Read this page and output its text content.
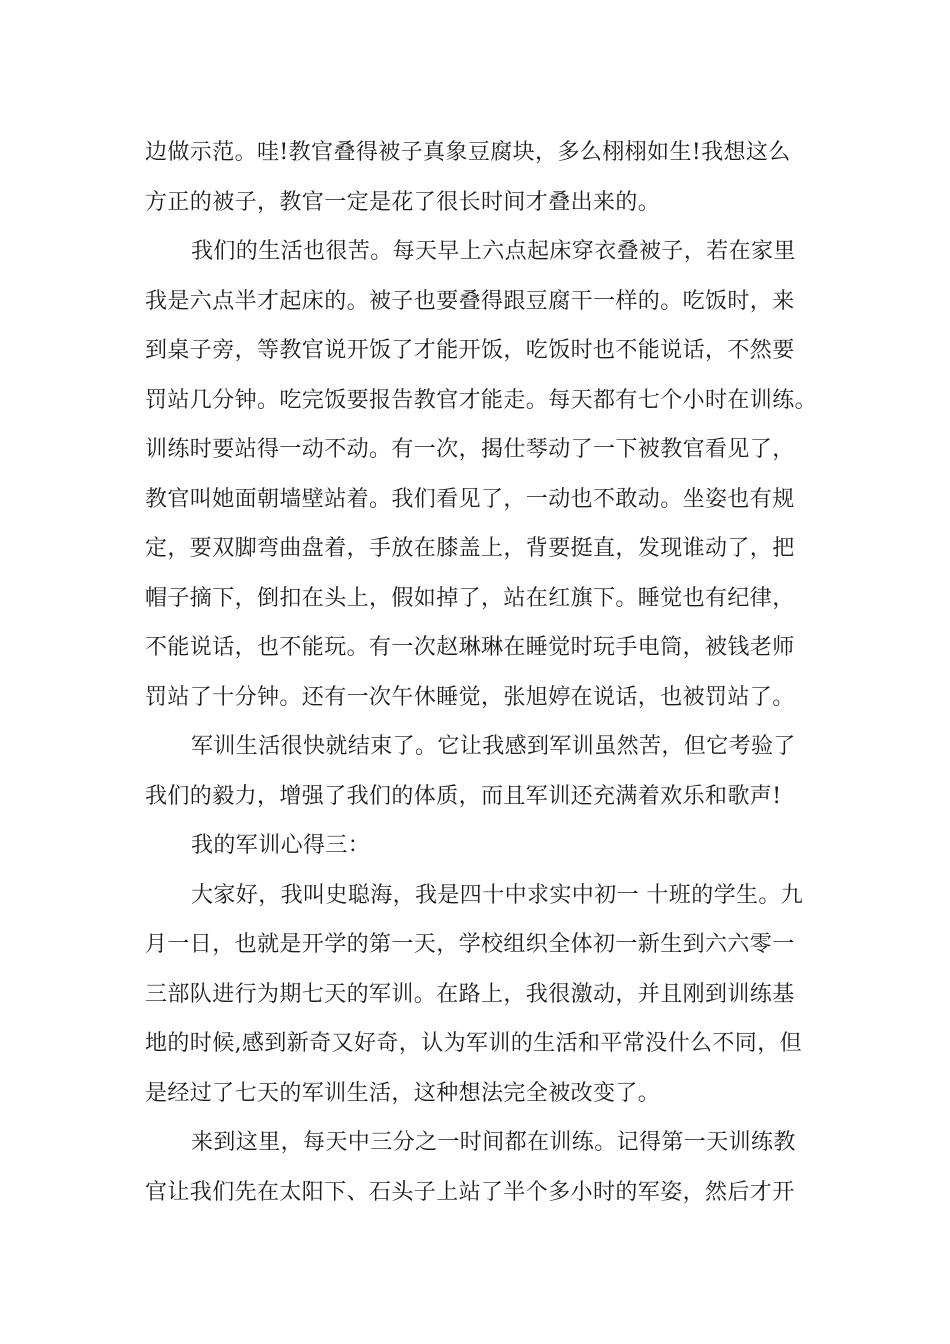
边做示范。哇!教官叠得被子真象豆腐块，多么栩栩如生!我想这么
方正的被子，教官一定是花了很长时间才叠出来的。
我们的生活也很苦。每天早上六点起床穿衣叠被子，若在家里
我是六点半才起床的。被子也要叠得跟豆腐干一样的。吃饭时，来
到桌子旁，等教官说开饭了才能开饭，吃饭时也不能说话，不然要
罚站几分钟。吃完饭要报告教官才能走。每天都有七个小时在训练。
训练时要站得一动不动。有一次，揭仕琴动了一下被教官看见了，
教官叫她面朝墙壁站着。我们看见了，一动也不敢动。坐姿也有规
定，要双脚弯曲盘着，手放在膝盖上，背要挺直，发现谁动了，把
帽子摘下，倒扣在头上，假如掉了，站在红旗下。睡觉也有纪律，
不能说话，也不能玩。有一次赵琳琳在睡觉时玩手电筒，被钱老师
罚站了十分钟。还有一次午休睡觉，张旭婷在说话，也被罚站了。
军训生活很快就结束了。它让我感到军训虽然苦，但它考验了
我们的毅力，增强了我们的体质，而且军训还充满着欢乐和歌声!
我的军训心得三：
大家好，我叫史聪海，我是四十中求实中初一 十班的学生。九
月一日，也就是开学的第一天，学校组织全体初一新生到六六零一
三部队进行为期七天的军训。在路上，我很激动，并且刚到训练基
地的时候,感到新奇又好奇，认为军训的生活和平常没什么不同，但
是经过了七天的军训生活，这种想法完全被改变了。
来到这里，每天中三分之一时间都在训练。记得第一天训练教
官让我们先在太阳下、石头子上站了半个多小时的军姿，然后才开
